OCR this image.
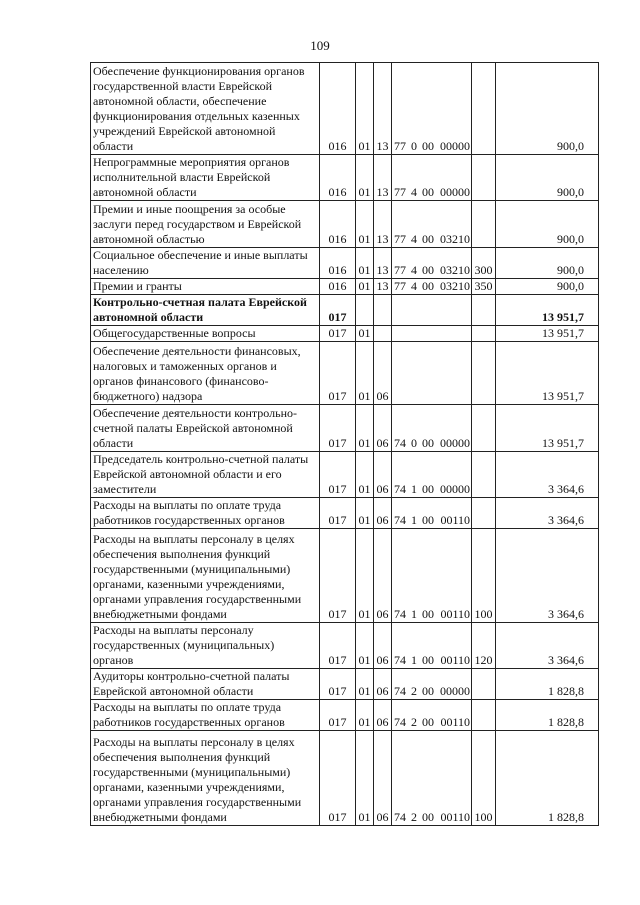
109
Обеспечение функционирования органов государственной власти Еврейской автономной области, обеспечение функционирования отдельных казенных учреждений Еврейской автономной области	016	01	13	77 0 00 00000		900,0
Непрограммные мероприятия органов исполнительной власти Еврейской автономной области	016	01	13	77 4 00 00000		900,0
Премии и иные поощрения за особые заслуги перед государством и Еврейской автономной областью	016	01	13	77 4 00 03210		900,0
Социальное обеспечение и иные выплаты населению	016	01	13	77 4 00 03210	300	900,0
Премии и гранты	016	01	13	77 4 00 03210	350	900,0
Контрольно-счетная палата Еврейской автономной области	017					13 951,7
Общегосударственные вопросы	017	01				13 951,7
Обеспечение деятельности финансовых, налоговых и таможенных органов и органов финансового (финансово-бюджетного) надзора	017	01	06			13 951,7
Обеспечение деятельности контрольно-счетной палаты Еврейской автономной области	017	01	06	74 0 00 00000		13 951,7
Председатель контрольно-счетной палаты Еврейской автономной области и его заместители	017	01	06	74 1 00 00000		3 364,6
Расходы на выплаты по оплате труда работников государственных органов	017	01	06	74 1 00 00110		3 364,6
Расходы на выплаты персоналу в целях обеспечения выполнения функций государственными (муниципальными) органами, казенными учреждениями, органами управления государственными внебюджетными фондами	017	01	06	74 1 00 00110	100	3 364,6
Расходы на выплаты персоналу государственных (муниципальных) органов	017	01	06	74 1 00 00110	120	3 364,6
Аудиторы контрольно-счетной палаты Еврейской автономной области	017	01	06	74 2 00 00000		1 828,8
Расходы на выплаты по оплате труда работников государственных органов	017	01	06	74 2 00 00110		1 828,8
Расходы на выплаты персоналу в целях обеспечения выполнения функций государственными (муниципальными) органами, казенными учреждениями, органами управления государственными внебюджетными фондами	017	01	06	74 2 00 00110	100	1 828,8
